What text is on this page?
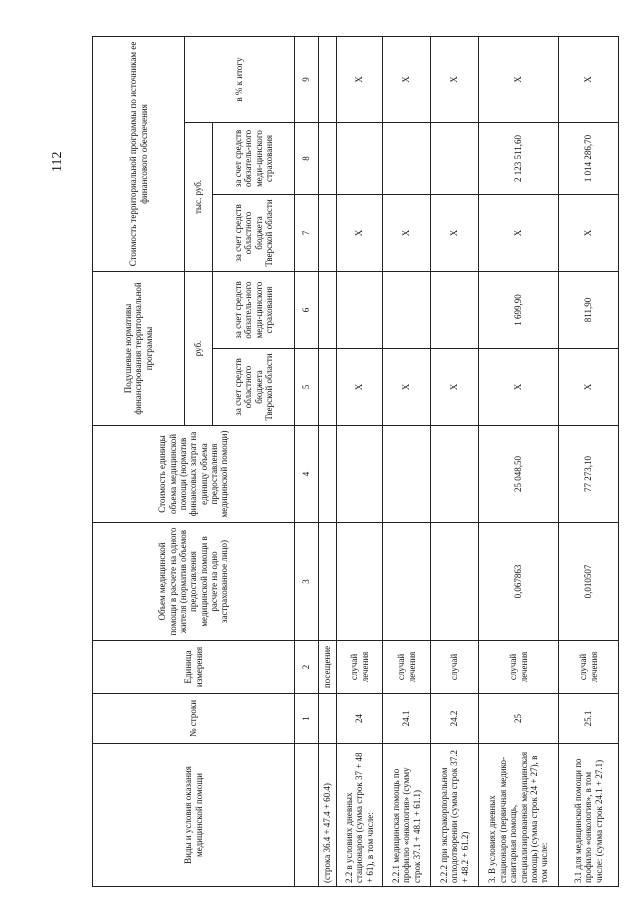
112
Виды и условия оказания медицинской помощи	№ строки	Единица измерения	Объем медицинской помощи в расчете на одного жителя (норматив объемов предоставления медицинской помощи в расчете на одно застрахованное лицо)	Стоимость единицы объема медицинской помощи (норматив финансовых затрат на единицу объема предоставления медицинской помощи)	Подушевые нормативы финансирования территориальной программы		Стоимость территориальной программы по источникам ее финансового обеспечения		
					руб.		тыс. руб.		в % к итогу
					за счет средств областного бюджета Тверской области	за счет средств обязатель-ного меди-цинского страхования	за счет средств областного бюджета Тверской области	за счет средств обязатель-ного меди-цинского страхования	
	1	2	3	4	5	6	7	8	9
(строка 36.4 + 47.4 + 60.4)		посещение							
2.2 в условиях дневных стационаров (сумма строк 37 + 48 + 61), в том числе:	24	случай лечения			X		X		X
2.2.1 медицинская помощь по профилю «онкология» (сумму строк 37.1 + 48.1 + 61.1)	24.1	случай лечения			X		X		X
2.2.2 при экстракорпоральном оплодотворении (сумма строк 37.2 + 48.2 + 61.2)	24.2	случай			X		X		X
3. В условиях дневных стационаров (первичная медико-санитарная помощь, специализированная медицинская помощь) (сумма строк 24 + 27), в том числе:	25	случай лечения	0,067863	25 048,50	X	1 699,90	X	2 123 511,60	X
3.1 для медицинской помощи по профилю «онкология», в том числе: (сумма строк 24.1 + 27.1)	25.1	случай лечения	0,010507	77 273,10	X	811,90	X	1 014 286,70	X
